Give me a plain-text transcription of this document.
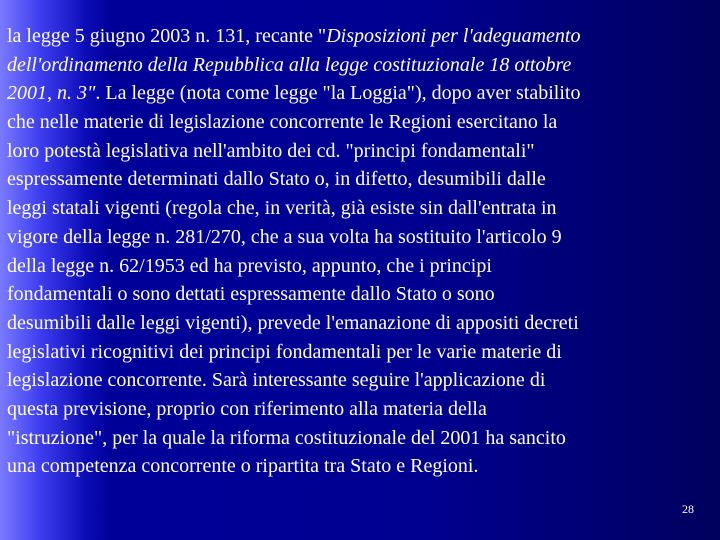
la legge 5 giugno 2003 n. 131, recante "Disposizioni per l'adeguamento
dell'ordinamento della Repubblica alla legge costituzionale 18 ottobre
2001, n. 3". La legge (nota come legge "la Loggia"), dopo aver stabilito
che nelle materie di legislazione concorrente le Regioni esercitano la
loro potestà legislativa nell'ambito dei cd. "principi fondamentali"
espressamente determinati dallo Stato o, in difetto, desumibili dalle
leggi statali vigenti (regola che, in verità, già esiste sin dall'entrata in
vigore della legge n. 281/270, che a sua volta ha sostituito l'articolo 9
della legge n. 62/1953 ed ha previsto, appunto, che i principi
fondamentali o sono dettati espressamente dallo Stato o sono
desumibili dalle leggi vigenti), prevede l'emanazione di appositi decreti
legislativi ricognitivi dei principi fondamentali per le varie materie di
legislazione concorrente. Sarà interessante seguire l'applicazione di
questa previsione, proprio con riferimento alla materia della
"istruzione", per la quale la riforma costituzionale del 2001 ha sancito
una competenza concorrente o ripartita tra Stato e Regioni.
28
